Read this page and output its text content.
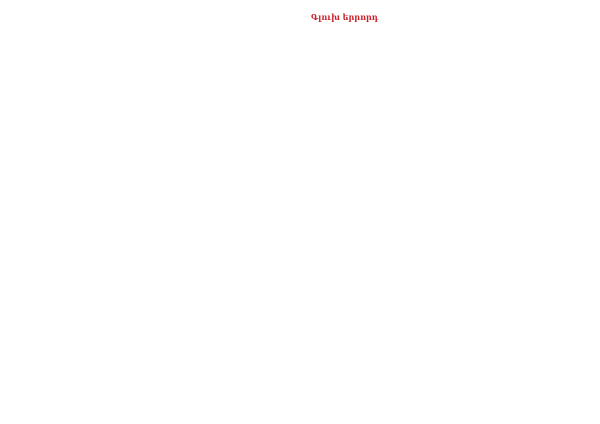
Գլուխ երրորդ
